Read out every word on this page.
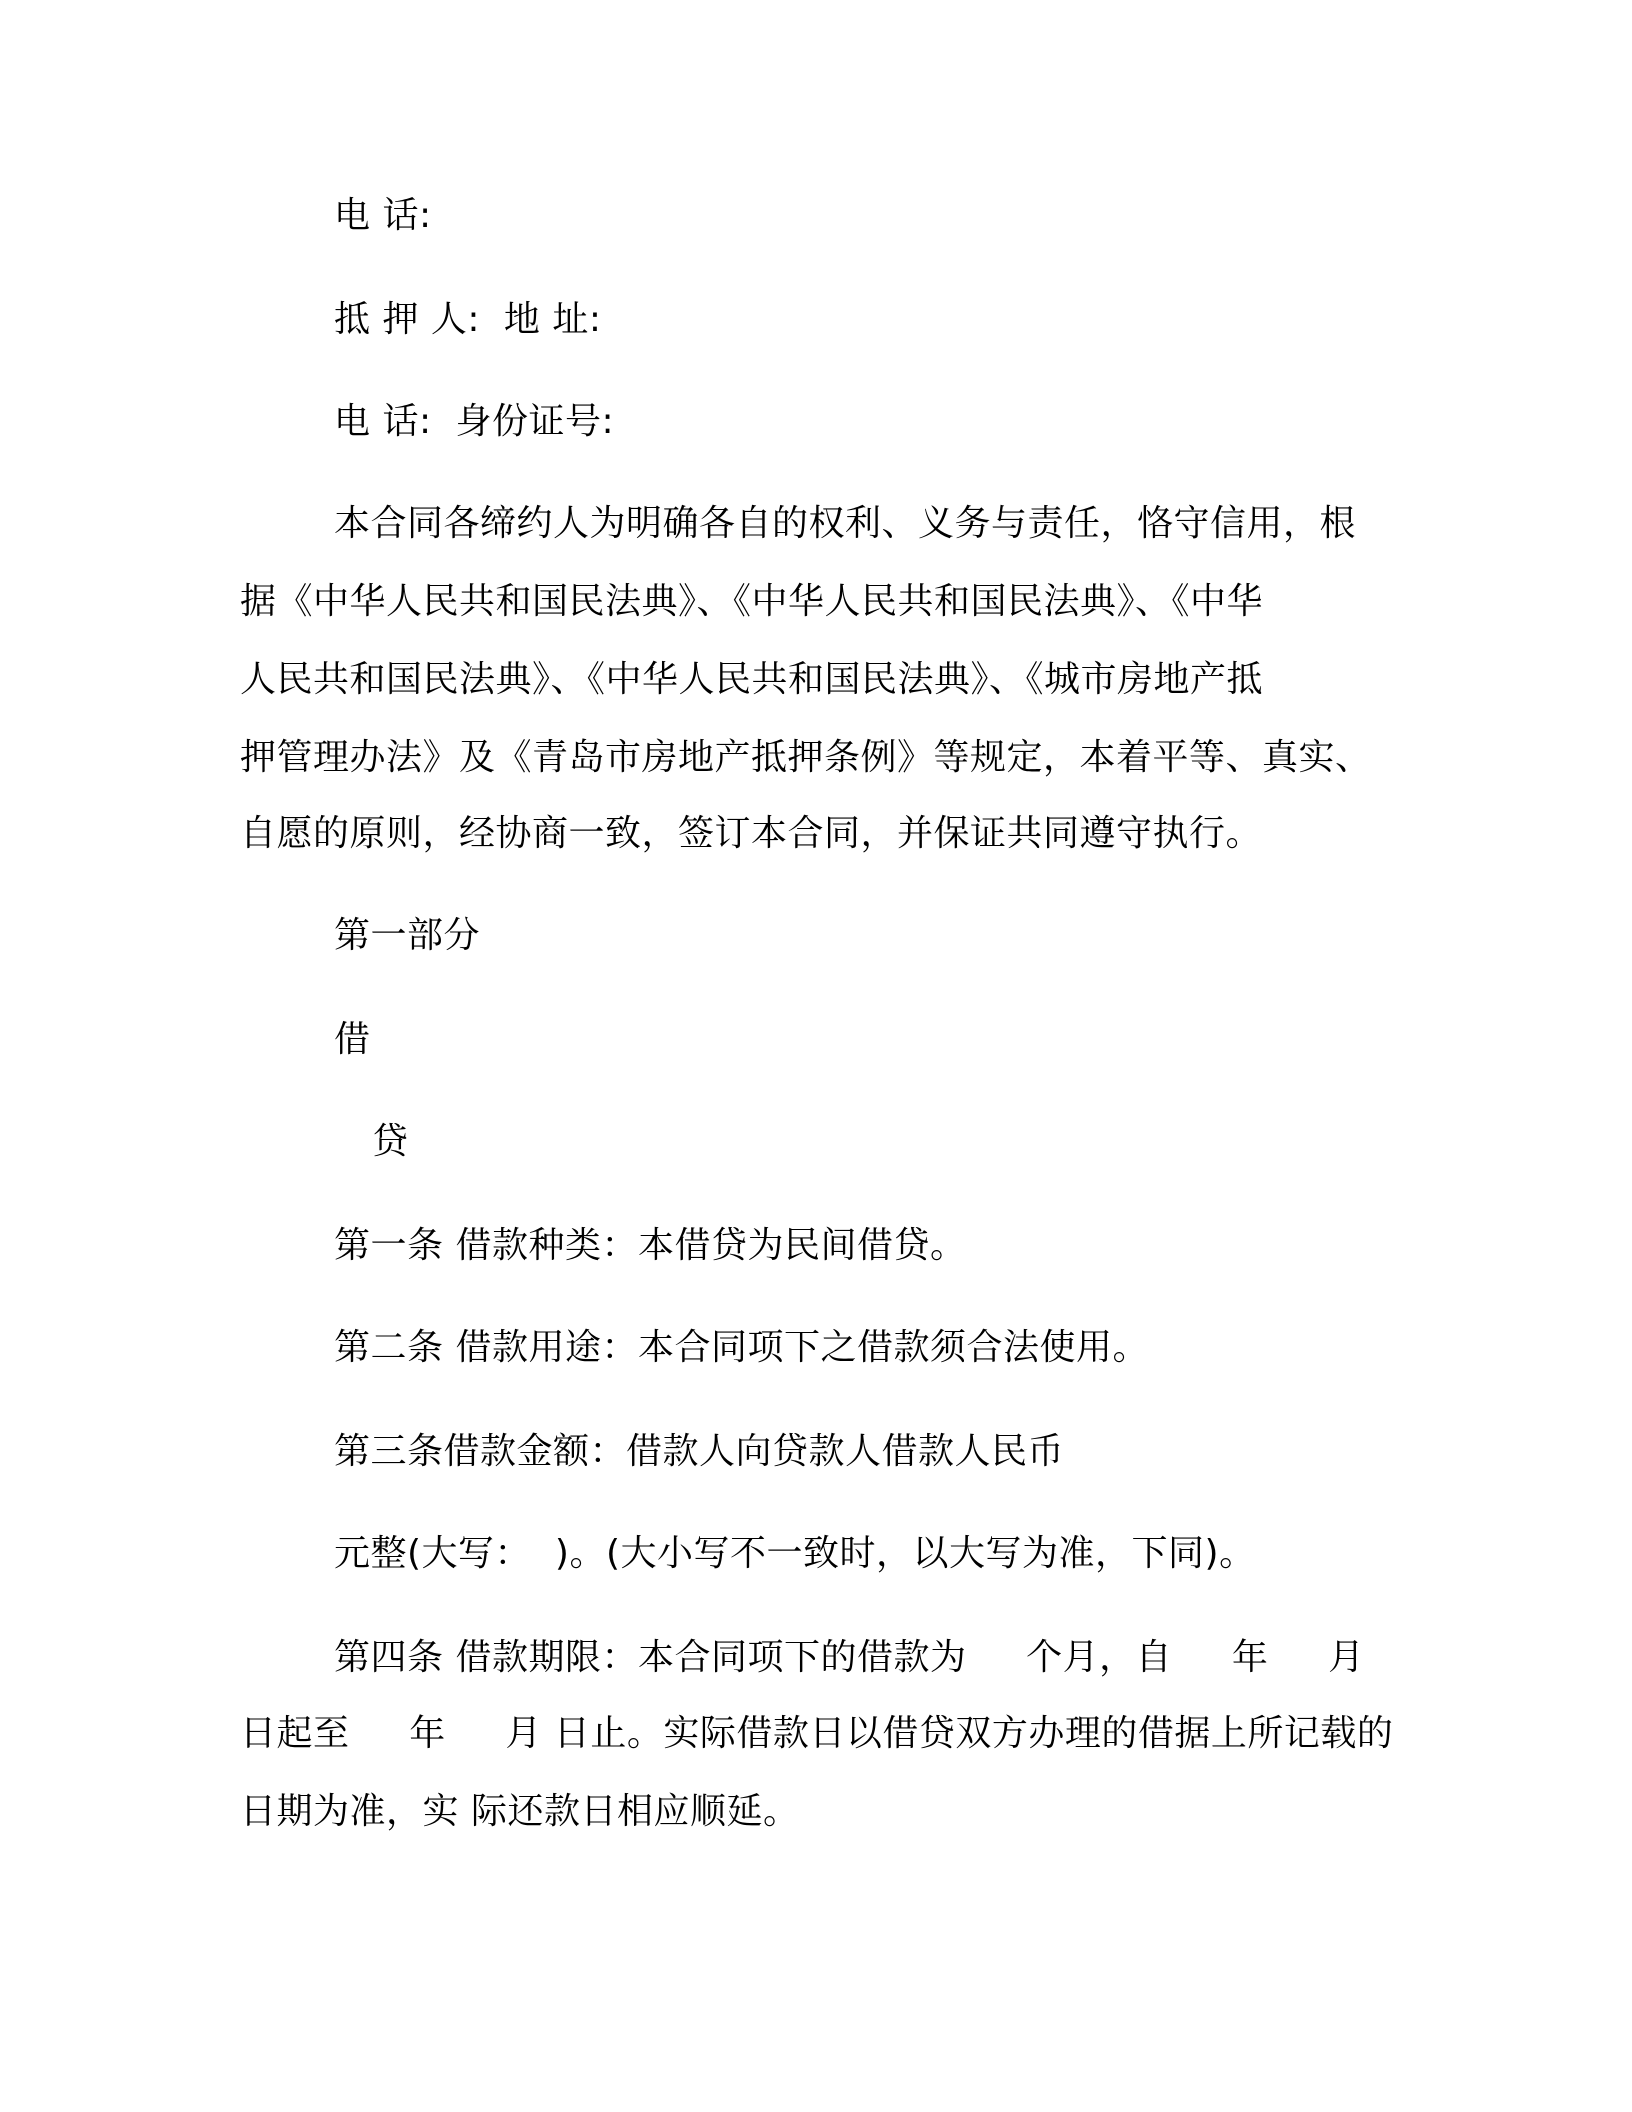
电 话:

抵 押 人:  地 址:

电 话:  身份证号:

本合同各缔约人为明确各自的权利、义务与责任，恪守信用，根

据《中华人民共和国民法典》、《中华人民共和国民法典》、《中华

人民共和国民法典》、《中华人民共和国民法典》、《城市房地产抵

押管理办法》及《青岛市房地产抵押条例》等规定，本着平等、真实、

自愿的原则，经协商一致，签订本合同，并保证共同遵守执行。

第一部分

借

贷

第一条 借款种类：本借贷为民间借贷。

第二条 借款用途：本合同项下之借款须合法使用。

第三条借款金额：借款人向贷款人借款人民币

元整(大写：  )。(大小写不一致时，以大写为准，下同)。

第四条 借款期限：本合同项下的借款为     个月，自     年     月

日起至     年     月 日止。实际借款日以借贷双方办理的借据上所记载的

日期为准，实 际还款日相应顺延。
